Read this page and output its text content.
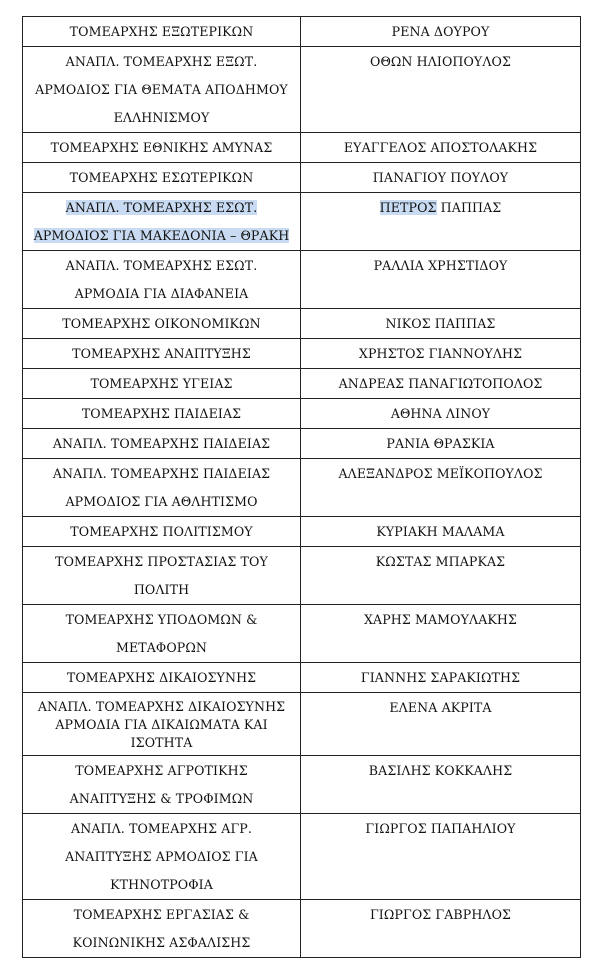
ΤΟΜΕΑΡΧΗΣ ΕΞΩΤΕΡΙΚΩΝ	ΡΕΝΑ ΔΟΥΡΟΥ

ΑΝΑΠΛ. ΤΟΜΕΑΡΧΗΣ ΕΞΩΤ.
ΑΡΜΟΔΙΟΣ ΓΙΑ ΘΕΜΑΤΑ ΑΠΟΔΗΜΟΥ
ΕΛΛΗΝΙΣΜΟΥ	ΟΘΩΝ ΗΛΙΟΠΟΥΛΟΣ

ΤΟΜΕΑΡΧΗΣ ΕΘΝΙΚΗΣ ΑΜΥΝΑΣ	ΕΥΑΓΓΕΛΟΣ ΑΠΟΣΤΟΛΑΚΗΣ

ΤΟΜΕΑΡΧΗΣ ΕΣΩΤΕΡΙΚΩΝ	ΠΑΝΑΓΙΟΥ ΠΟΥΛΟΥ

ΑΝΑΠΛ. ΤΟΜΕΑΡΧΗΣ ΕΣΩΤ.
ΑΡΜΟΔΙΟΣ ΓΙΑ ΜΑΚΕΔΟΝΙΑ – ΘΡΑΚΗ	ΠΕΤΡΟΣ ΠΑΠΠΑΣ

ΑΝΑΠΛ. ΤΟΜΕΑΡΧΗΣ ΕΣΩΤ.
ΑΡΜΟΔΙΑ ΓΙΑ ΔΙΑΦΑΝΕΙΑ	ΡΑΛΛΙΑ ΧΡΗΣΤΙΔΟΥ

ΤΟΜΕΑΡΧΗΣ ΟΙΚΟΝΟΜΙΚΩΝ	ΝΙΚΟΣ ΠΑΠΠΑΣ

ΤΟΜΕΑΡΧΗΣ ΑΝΑΠΤΥΞΗΣ	ΧΡΗΣΤΟΣ ΓΙΑΝΝΟΥΛΗΣ

ΤΟΜΕΑΡΧΗΣ ΥΓΕΙΑΣ	ΑΝΔΡΕΑΣ ΠΑΝΑΓΙΩΤΟΠΟΛΟΣ

ΤΟΜΕΑΡΧΗΣ ΠΑΙΔΕΙΑΣ	ΑΘΗΝΑ ΛΙΝΟΥ

ΑΝΑΠΛ. ΤΟΜΕΑΡΧΗΣ ΠΑΙΔΕΙΑΣ	ΡΑΝΙΑ ΘΡΑΣΚΙΑ

ΑΝΑΠΛ. ΤΟΜΕΑΡΧΗΣ ΠΑΙΔΕΙΑΣ
ΑΡΜΟΔΙΟΣ ΓΙΑ ΑΘΛΗΤΙΣΜΟ	ΑΛΕΞΑΝΔΡΟΣ ΜΕΪΚΟΠΟΥΛΟΣ

ΤΟΜΕΑΡΧΗΣ ΠΟΛΙΤΙΣΜΟΥ	ΚΥΡΙΑΚΗ ΜΑΛΑΜΑ

ΤΟΜΕΑΡΧΗΣ ΠΡΟΣΤΑΣΙΑΣ ΤΟΥ
ΠΟΛΙΤΗ	ΚΩΣΤΑΣ ΜΠΑΡΚΑΣ

ΤΟΜΕΑΡΧΗΣ ΥΠΟΔΟΜΩΝ &
ΜΕΤΑΦΟΡΩΝ	ΧΑΡΗΣ ΜΑΜΟΥΛΑΚΗΣ

ΤΟΜΕΑΡΧΗΣ ΔΙΚΑΙΟΣΥΝΗΣ	ΓΙΑΝΝΗΣ ΣΑΡΑΚΙΩΤΗΣ

ΑΝΑΠΛ. ΤΟΜΕΑΡΧΗΣ ΔΙΚΑΙΟΣΥΝΗΣ
ΑΡΜΟΔΙΑ ΓΙΑ ΔΙΚΑΙΩΜΑΤΑ ΚΑΙ
ΙΣΟΤΗΤΑ	ΕΛΕΝΑ ΑΚΡΙΤΑ

ΤΟΜΕΑΡΧΗΣ ΑΓΡΟΤΙΚΗΣ
ΑΝΑΠΤΥΞΗΣ & ΤΡΟΦΙΜΩΝ	ΒΑΣΙΛΗΣ ΚΟΚΚΑΛΗΣ

ΑΝΑΠΛ. ΤΟΜΕΑΡΧΗΣ ΑΓΡ.
ΑΝΑΠΤΥΞΗΣ ΑΡΜΟΔΙΟΣ ΓΙΑ
ΚΤΗΝΟΤΡΟΦΙΑ	ΓΙΩΡΓΟΣ ΠΑΠΑΗΛΙΟΥ

ΤΟΜΕΑΡΧΗΣ ΕΡΓΑΣΙΑΣ &
ΚΟΙΝΩΝΙΚΗΣ ΑΣΦΑΛΙΣΗΣ	ΓΙΩΡΓΟΣ ΓΑΒΡΗΛΟΣ
